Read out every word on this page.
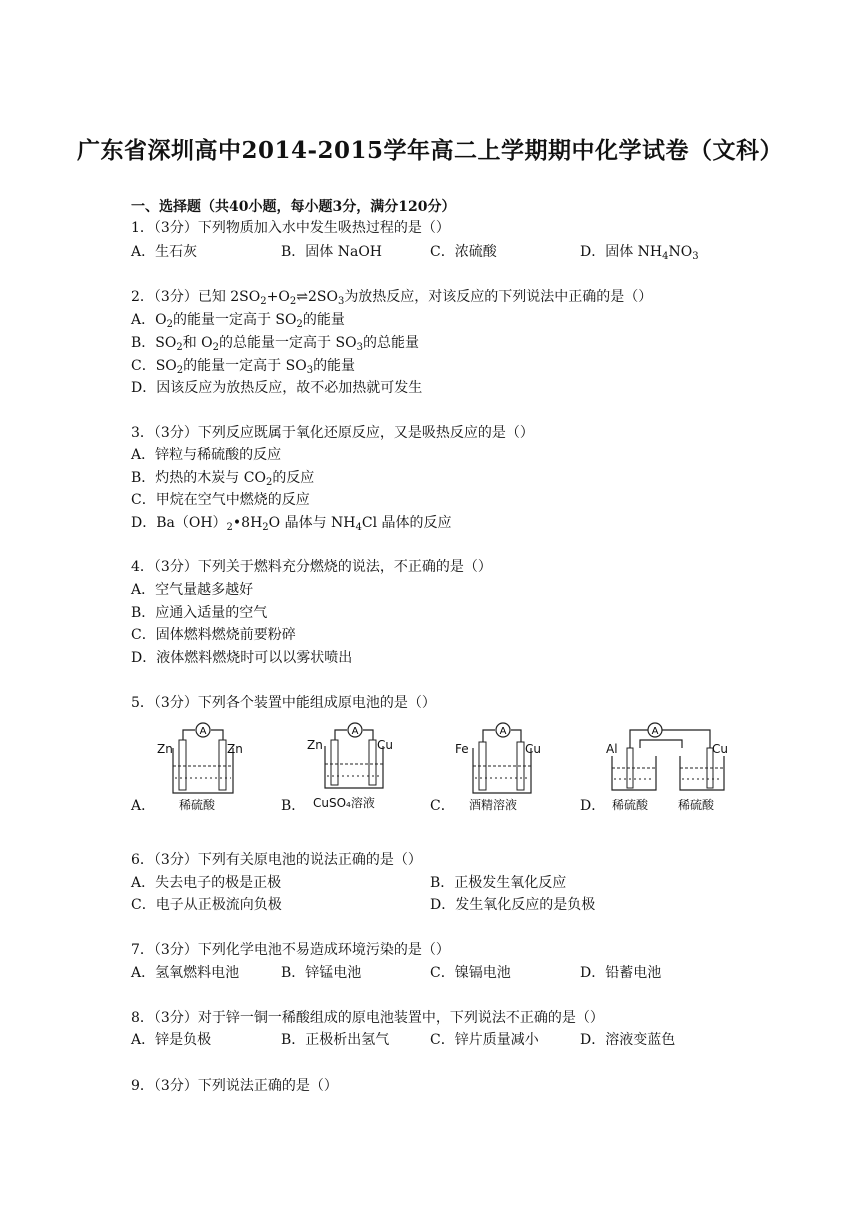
广东省深圳高中2014-2015学年高二上学期期中化学试卷（文科）
一、选择题（共40小题，每小题3分，满分120分）
1．（3分）下列物质加入水中发生吸热过程的是（）
A．生石灰	B．固体 NaOH	C．浓硫酸	D．固体 $NH_4NO_3$
2．（3分）已知 $2SO_2+O_2\rightleftharpoons 2SO_3$为放热反应，对该反应的下列说法中正确的是（）
A．$O_2$的能量一定高于 $SO_2$的能量
B．$SO_2$和 $O_2$的总能量一定高于 $SO_3$的总能量
C．$SO_2$的能量一定高于 $SO_3$的能量
D．因该反应为放热反应，故不必加热就可发生
3．（3分）下列反应既属于氧化还原反应，又是吸热反应的是（）
A．锌粒与稀硫酸的反应
B．灼热的木炭与 $CO_2$的反应
C．甲烷在空气中燃烧的反应
D．$Ba(OH)_2•8H_2O$ 晶体与 $NH_4Cl$ 晶体的反应
4．（3分）下列关于燃料充分燃烧的说法，不正确的是（）
A．空气量越多越好
B．应通入适量的空气
C．固体燃料燃烧前要粉碎
D．液体燃料燃烧时可以以雾状喷出
5．（3分）下列各个装置中能组成原电池的是（）
A．
A
Zn	Zn
稀硫酸	B．
A
Zn	Cu
CuSO₄溶液	C．
A
Fe	Cu
酒精溶液	D．
A
Al	Cu
稀硫酸 稀硫酸
6．（3分）下列有关原电池的说法正确的是（）
A．失去电子的极是正极	B．正极发生氧化反应
C．电子从正极流向负极	D．发生氧化反应的是负极
7．（3分）下列化学电池不易造成环境污染的是（）
A．氢氧燃料电池	B．锌锰电池	C．镍镉电池	D．铅蓄电池
8．（3分）对于锌一铜一稀酸组成的原电池装置中，下列说法不正确的是（）
A．锌是负极	B．正极析出氢气	C．锌片质量减小	D．溶液变蓝色
9．（3分）下列说法正确的是（）
